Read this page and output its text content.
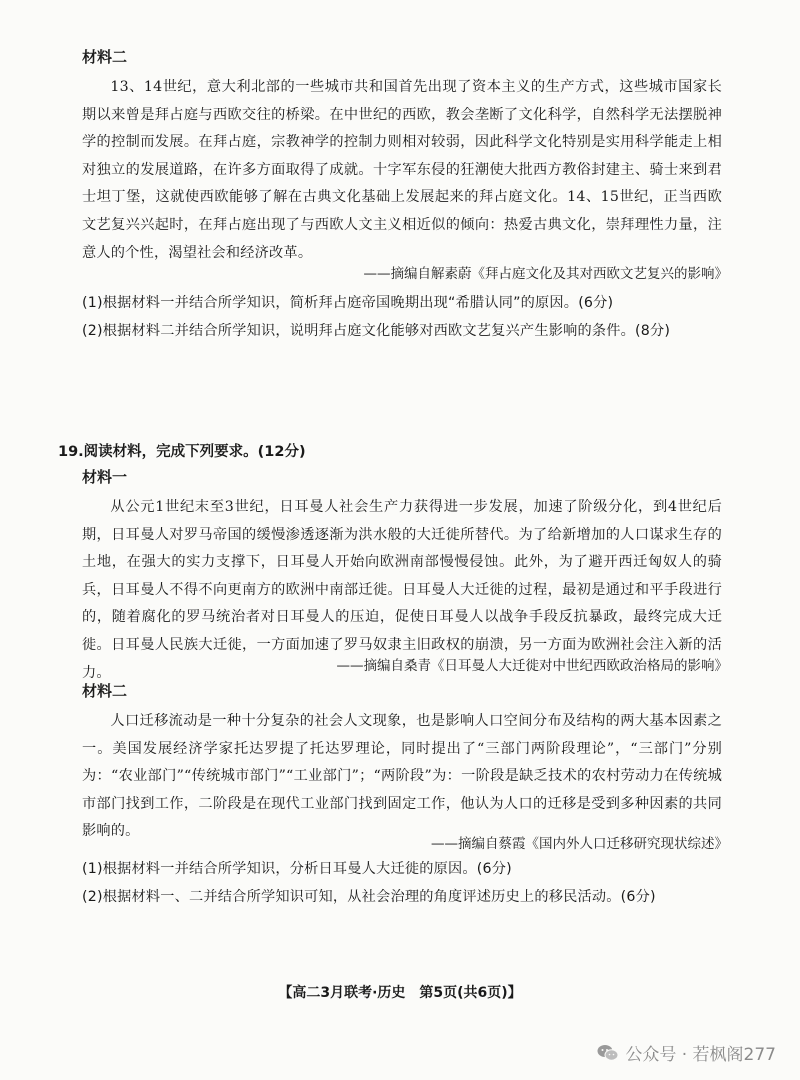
材料二
13、14世纪，意大利北部的一些城市共和国首先出现了资本主义的生产方式，这些城市国家长期以来曾是拜占庭与西欧交往的桥梁。在中世纪的西欧，教会垄断了文化科学，自然科学无法摆脱神学的控制而发展。在拜占庭，宗教神学的控制力则相对较弱，因此科学文化特别是实用科学能走上相对独立的发展道路，在许多方面取得了成就。十字军东侵的狂潮使大批西方教俗封建主、骑士来到君士坦丁堡，这就使西欧能够了解在古典文化基础上发展起来的拜占庭文化。14、15世纪，正当西欧文艺复兴兴起时，在拜占庭出现了与西欧人文主义相近似的倾向：热爱古典文化，崇拜理性力量，注意人的个性，渴望社会和经济改革。
——摘编自解素蔚《拜占庭文化及其对西欧文艺复兴的影响》
(1)根据材料一并结合所学知识，简析拜占庭帝国晚期出现“希腊认同”的原因。(6分)
(2)根据材料二并结合所学知识，说明拜占庭文化能够对西欧文艺复兴产生影响的条件。(8分)
19.阅读材料，完成下列要求。(12分)
材料一
从公元1世纪末至3世纪，日耳曼人社会生产力获得进一步发展，加速了阶级分化，到4世纪后期，日耳曼人对罗马帝国的缓慢渗透逐渐为洪水般的大迁徙所替代。为了给新增加的人口谋求生存的土地，在强大的实力支撑下，日耳曼人开始向欧洲南部慢慢侵蚀。此外，为了避开西迁匈奴人的骑兵，日耳曼人不得不向更南方的欧洲中南部迁徙。日耳曼人大迁徙的过程，最初是通过和平手段进行的，随着腐化的罗马统治者对日耳曼人的压迫，促使日耳曼人以战争手段反抗暴政，最终完成大迁徙。日耳曼人民族大迁徙，一方面加速了罗马奴隶主旧政权的崩溃，另一方面为欧洲社会注入新的活力。	——摘编自桑青《日耳曼人大迁徙对中世纪西欧政治格局的影响》
材料二
人口迁移流动是一种十分复杂的社会人文现象，也是影响人口空间分布及结构的两大基本因素之一。美国发展经济学家托达罗提了托达罗理论，同时提出了“三部门两阶段理论”，“三部门”分别为：“农业部门”“传统城市部门”“工业部门”；“两阶段”为：一阶段是缺乏技术的农村劳动力在传统城市部门找到工作，二阶段是在现代工业部门找到固定工作，他认为人口的迁移是受到多种因素的共同影响的。
——摘编自蔡霞《国内外人口迁移研究现状综述》
(1)根据材料一并结合所学知识，分析日耳曼人大迁徙的原因。(6分)
(2)根据材料一、二并结合所学知识可知，从社会治理的角度评述历史上的移民活动。(6分)
【高二3月联考·历史　第5页(共6页)】
公众号 · 若枫阁277
